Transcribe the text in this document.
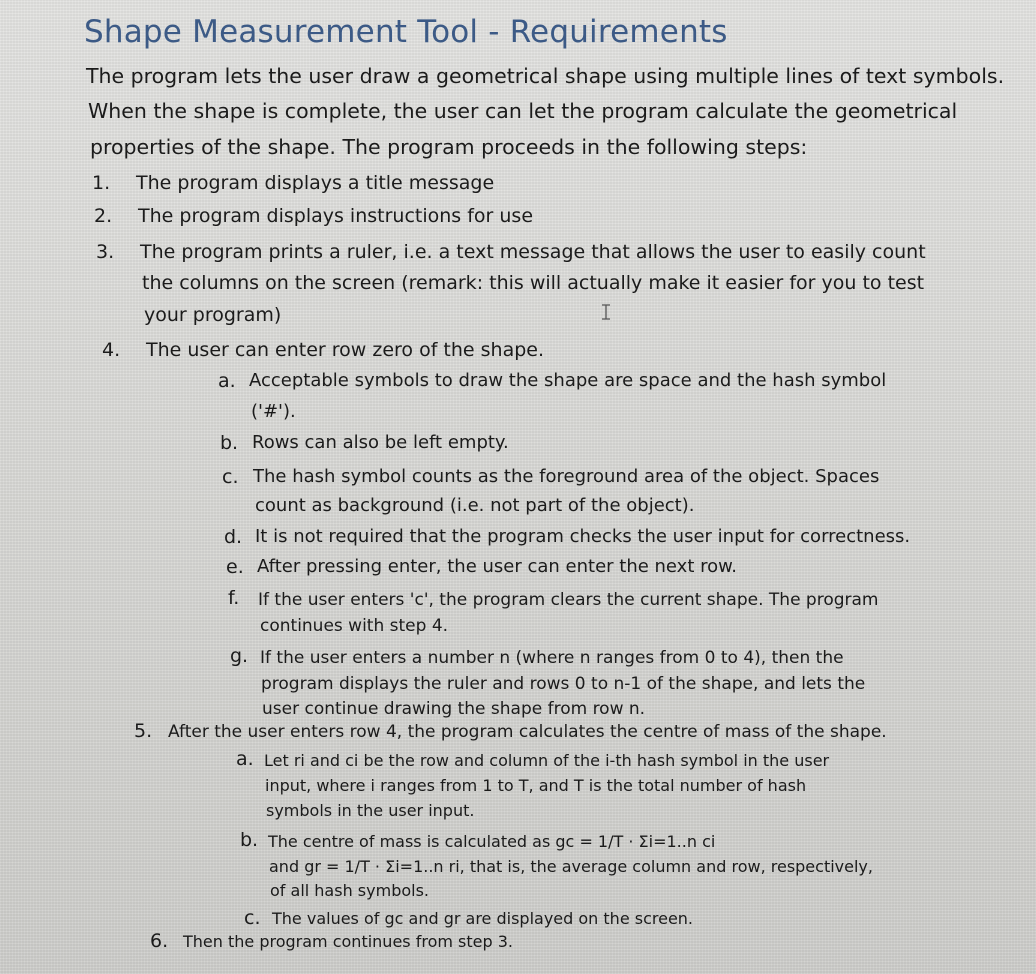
Shape Measurement Tool - Requirements
The program lets the user draw a geometrical shape using multiple lines of text symbols.
When the shape is complete, the user can let the program calculate the geometrical
properties of the shape. The program proceeds in the following steps:
1. The program displays a title message
2. The program displays instructions for use
3. The program prints a ruler, i.e. a text message that allows the user to easily count
the columns on the screen (remark: this will actually make it easier for you to test
your program)
4. The user can enter row zero of the shape.
a. Acceptable symbols to draw the shape are space and the hash symbol
('#').
b. Rows can also be left empty.
c. The hash symbol counts as the foreground area of the object. Spaces
count as background (i.e. not part of the object).
d. It is not required that the program checks the user input for correctness.
e. After pressing enter, the user can enter the next row.
f. If the user enters 'c', the program clears the current shape. The program
continues with step 4.
g. If the user enters a number n (where n ranges from 0 to 4), then the
program displays the ruler and rows 0 to n-1 of the shape, and lets the
user continue drawing the shape from row n.
5. After the user enters row 4, the program calculates the centre of mass of the shape.
a. Let ri and ci be the row and column of the i-th hash symbol in the user
input, where i ranges from 1 to T, and T is the total number of hash
symbols in the user input.
b. The centre of mass is calculated as gc = 1/T · Σi=1..n ci
and gr = 1/T · Σi=1..n ri, that is, the average column and row, respectively,
of all hash symbols.
c. The values of gc and gr are displayed on the screen.
6. Then the program continues from step 3.
